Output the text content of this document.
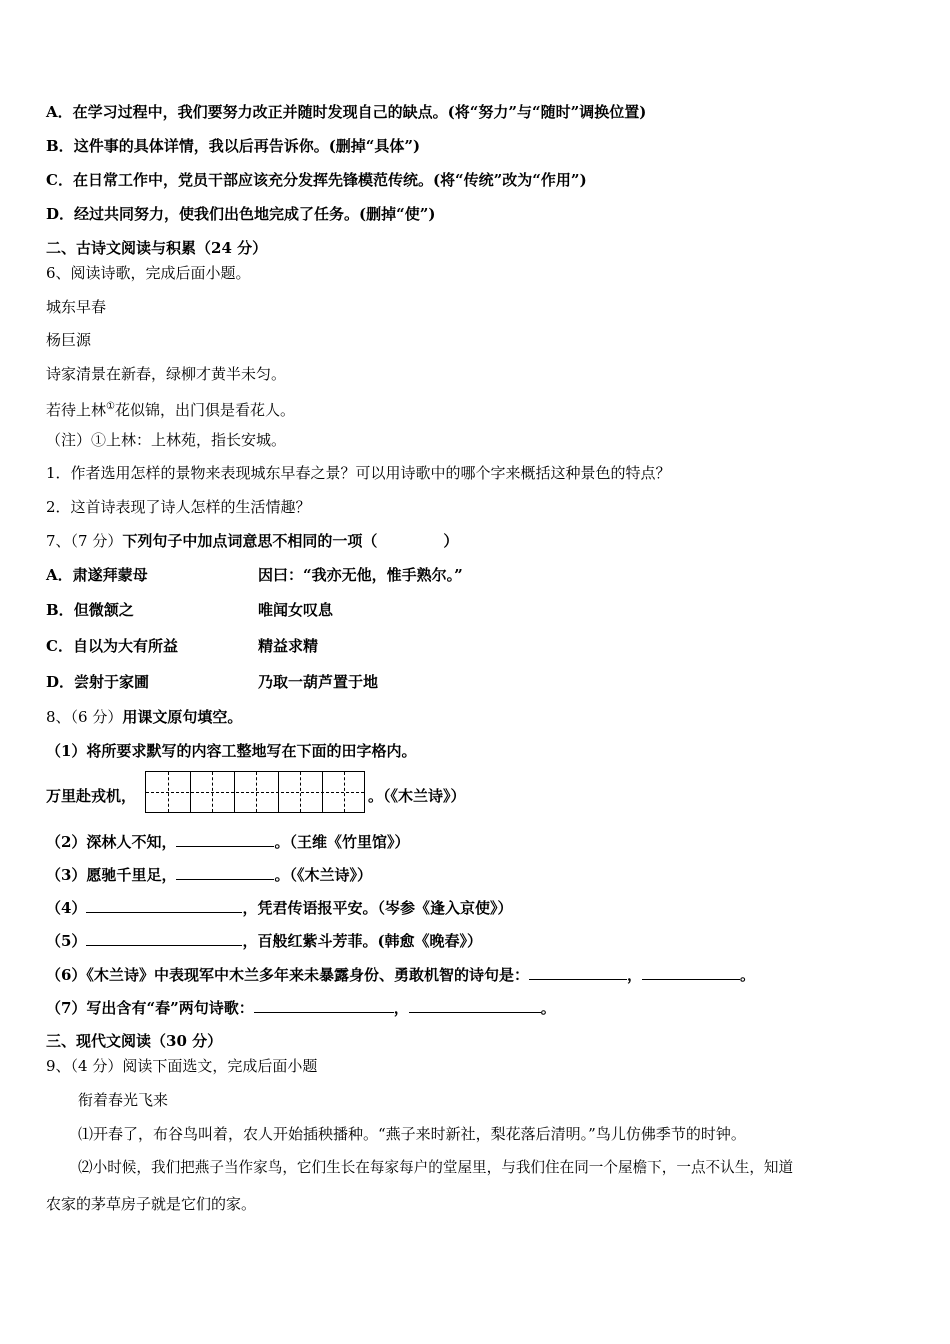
A．在学习过程中，我们要努力改正并随时发现自己的缺点。(将“努力”与“随时”调换位置)
B．这件事的具体详情，我以后再告诉你。(删掉“具体”)
C．在日常工作中，党员干部应该充分发挥先锋模范传统。(将“传统”改为“作用”)
D．经过共同努力，使我们出色地完成了任务。(删掉“使”)
二、古诗文阅读与积累（24 分）
6、阅读诗歌，完成后面小题。
城东早春
杨巨源
诗家清景在新春，绿柳才黄半未匀。
若待上林①花似锦，出门俱是看花人。
（注）①上林：上林苑，指长安城。
1．作者选用怎样的景物来表现城东早春之景？可以用诗歌中的哪个字来概括这种景色的特点？
2．这首诗表现了诗人怎样的生活情趣？
7、（7 分）下列句子中加点词意思不相同的一项（	）
A．肃遂拜蒙母	因曰：“我亦无他，惟手熟尔。”
B．但微颔之	唯闻女叹息
C．自以为大有所益	精益求精
D．尝射于家圃	乃取一葫芦置于地
8、（6 分）用课文原句填空。
（1）将所要求默写的内容工整地写在下面的田字格内。
万里赴戎机，	。（《木兰诗》）
（2）深林人不知，	。（王维《竹里馆》）
（3）愿驰千里足，	。（《木兰诗》）
（4）	，凭君传语报平安。（岑参《逢入京使》）
（5）	，百般红紫斗芳菲。(韩愈《晚春》）
（6）《木兰诗》中表现军中木兰多年来未暴露身份、勇敢机智的诗句是：	，	。
（7）写出含有“春”两句诗歌：	，	。
三、现代文阅读（30 分）
9、（4 分）阅读下面选文，完成后面小题
衔着春光飞来
⑴开春了，布谷鸟叫着，农人开始插秧播种。“燕子来时新社，梨花落后清明。”鸟儿仿佛季节的时钟。
⑵小时候，我们把燕子当作家鸟，它们生长在每家每户的堂屋里，与我们住在同一个屋檐下，一点不认生，知道
农家的茅草房子就是它们的家。
